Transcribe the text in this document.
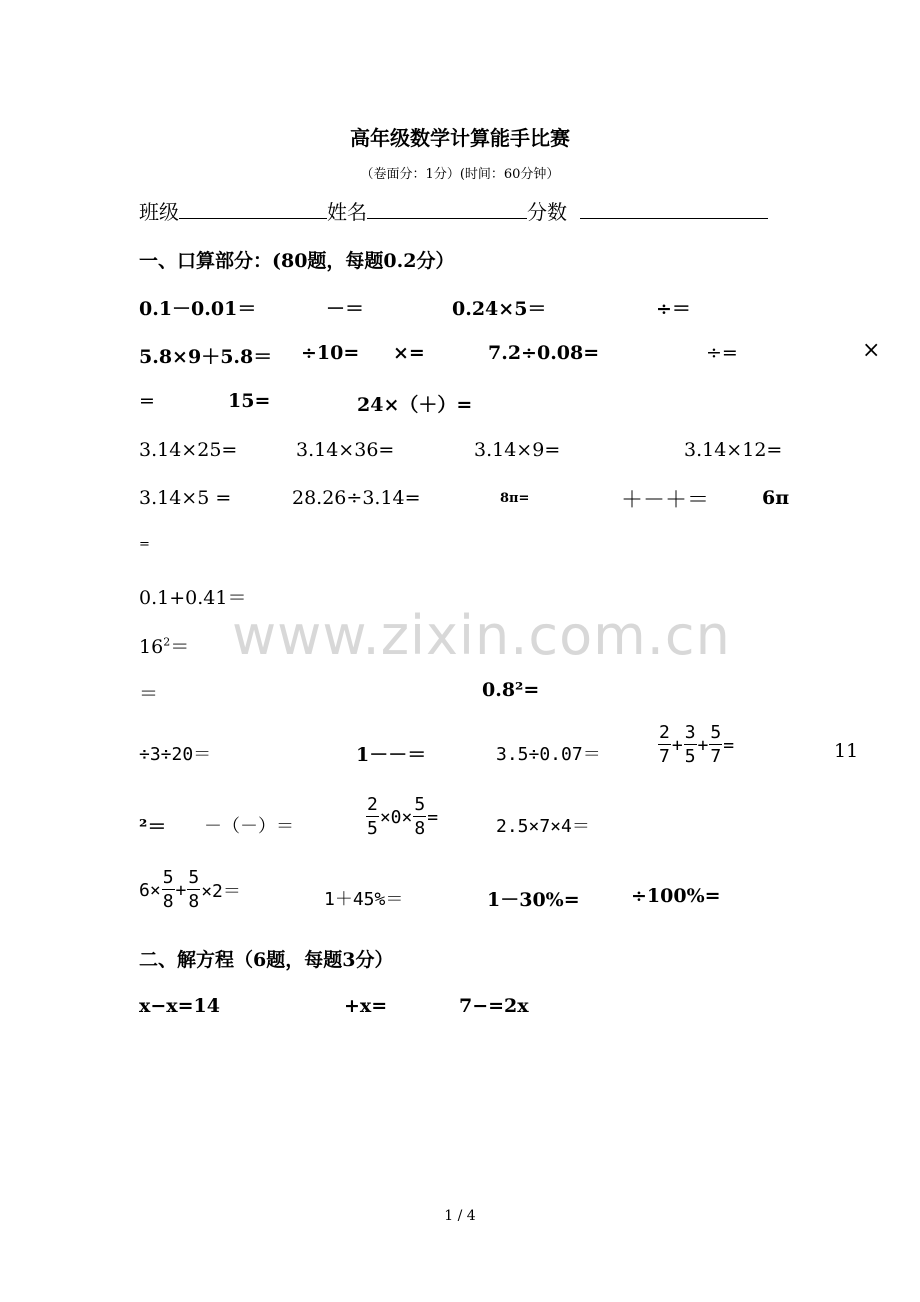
高年级数学计算能手比赛
（卷面分：1分）(时间：60分钟）
班级	姓名	分数
一、口算部分：(80题，每题0.2分）
0.1－0.01＝	－＝	0.24×5＝	÷＝
5.8×9＋5.8＝ ÷10= ×=	7.2÷0.08=	÷=	×
=	15=	24×（＋）=
3.14×25=	3.14×36=	3.14×9=	3.14×12=
3.14×5 =	28.26÷3.14=	8π=	＋－＋＝	6π
=
0.1+0.41＝
$16^2=$
＝	0.8²=
÷3÷20＝	1－－＝	3.5÷0.07＝	$\frac{2}{7} + \frac{3}{5} + \frac{5}{7}$ =	11
²＝ －（－）＝	$\frac{2}{5} \times 0\times \frac{5}{8}$ =	2.5×7×4＝
$6\times \frac{5}{8} + \frac{5}{8} \times 2=$	1＋45%＝	1－30%=	÷100%=
二、解方程（6题，每题3分）
x−x=14	+x=	7−=2x
www.zixin.com.cn
1 / 4
